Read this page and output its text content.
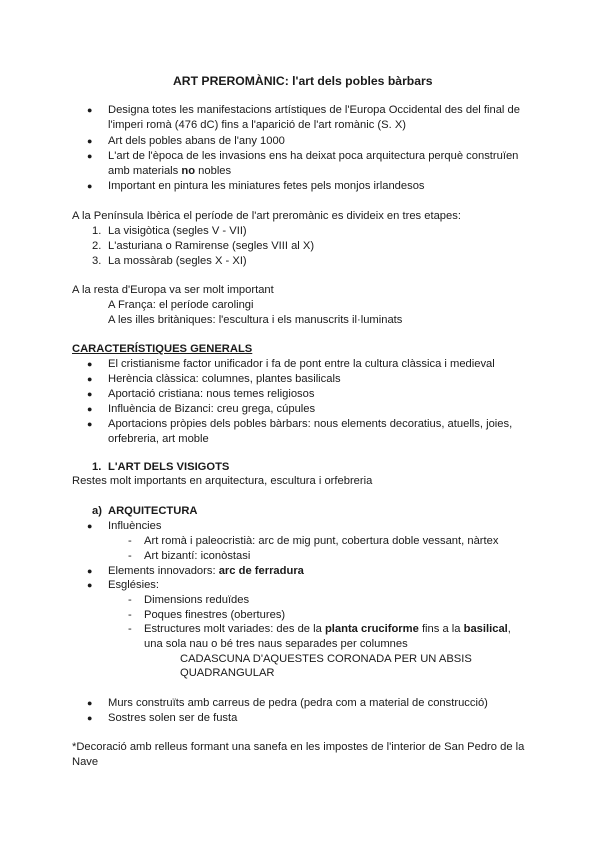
ART PREROMÀNIC: l'art dels pobles bàrbars
● Designa totes les manifestacions artístiques de l'Europa Occidental des del final de
l'imperi romà (476 dC) fins a l'aparició de l'art romànic (S. X)
● Art dels pobles abans de l'any 1000
● L'art de l'època de les invasions ens ha deixat poca arquitectura perquè construïen
amb materials no nobles
● Important en pintura les miniatures fetes pels monjos irlandesos
A la Península Ibèrica el període de l'art preromànic es divideix en tres etapes:
1. La visigòtica (segles V - VII)
2. L'asturiana o Ramirense (segles VIII al X)
3. La mossàrab (segles X - XI)
A la resta d'Europa va ser molt important
A França: el període carolingi
A les illes britàniques: l'escultura i els manuscrits il·luminats
CARACTERÍSTIQUES GENERALS
● El cristianisme factor unificador i fa de pont entre la cultura clàssica i medieval
● Herència clàssica: columnes, plantes basilicals
● Aportació cristiana: nous temes religiosos
● Influència de Bizanci: creu grega, cúpules
● Aportacions pròpies dels pobles bàrbars: nous elements decoratius, atuells, joies,
orfebreria, art moble
1. L'ART DELS VISIGOTS
Restes molt importants en arquitectura, escultura i orfebreria
a) ARQUITECTURA
● Influències
- Art romà i paleocristià: arc de mig punt, cobertura doble vessant, nàrtex
- Art bizantí: iconòstasi
● Elements innovadors: arc de ferradura
● Esglésies:
- Dimensions reduïdes
- Poques finestres (obertures)
- Estructures molt variades: des de la planta cruciforme fins a la basilical,
una sola nau o bé tres naus separades per columnes
CADASCUNA D'AQUESTES CORONADA PER UN ABSIS
QUADRANGULAR
● Murs construïts amb carreus de pedra (pedra com a material de construcció)
● Sostres solen ser de fusta
*Decoració amb relleus formant una sanefa en les impostes de l'interior de San Pedro de la
Nave
